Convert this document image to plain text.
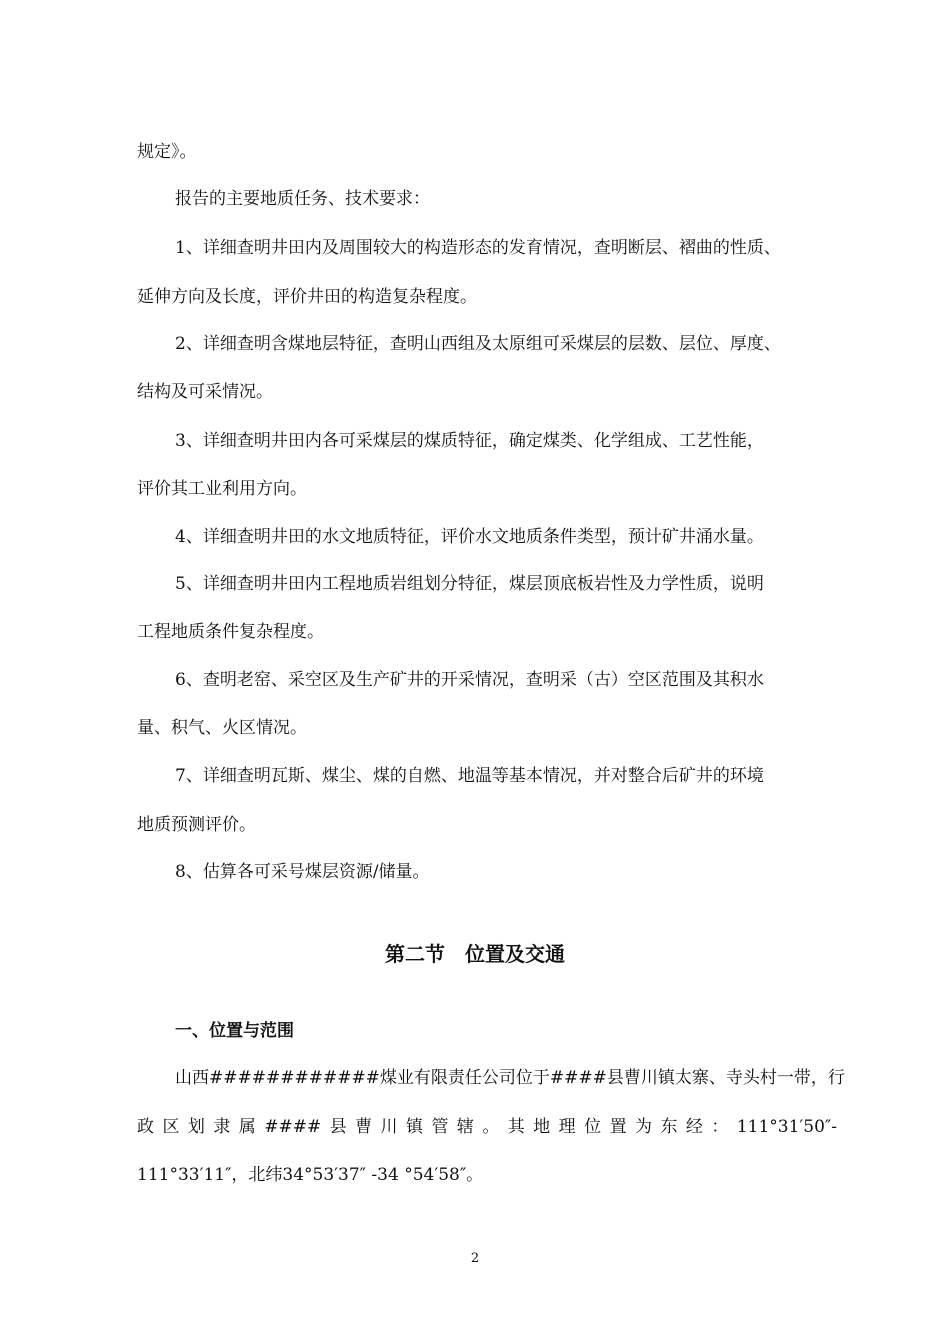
规定》。
报告的主要地质任务、技术要求：
1、详细查明井田内及周围较大的构造形态的发育情况，查明断层、褶曲的性质、
延伸方向及长度，评价井田的构造复杂程度。
2、详细查明含煤地层特征，查明山西组及太原组可采煤层的层数、层位、厚度、
结构及可采情况。
3、详细查明井田内各可采煤层的煤质特征，确定煤类、化学组成、工艺性能，
评价其工业利用方向。
4、详细查明井田的水文地质特征，评价水文地质条件类型，预计矿井涌水量。
5、详细查明井田内工程地质岩组划分特征，煤层顶底板岩性及力学性质，说明
工程地质条件复杂程度。
6、查明老窑、采空区及生产矿井的开采情况，查明采（古）空区范围及其积水
量、积气、火区情况。
7、详细查明瓦斯、煤尘、煤的自燃、地温等基本情况，并对整合后矿井的环境
地质预测评价。
8、估算各可采号煤层资源/储量。
第二节　位置及交通
一、位置与范围
山西############煤业有限责任公司位于####县曹川镇太寨、寺头村一带，行
政区划隶属####县曹川镇管辖。其地理位置为东经：111°31′50″-
111°33′11″，北纬34°53′37″ -34 °54′58″。
2
